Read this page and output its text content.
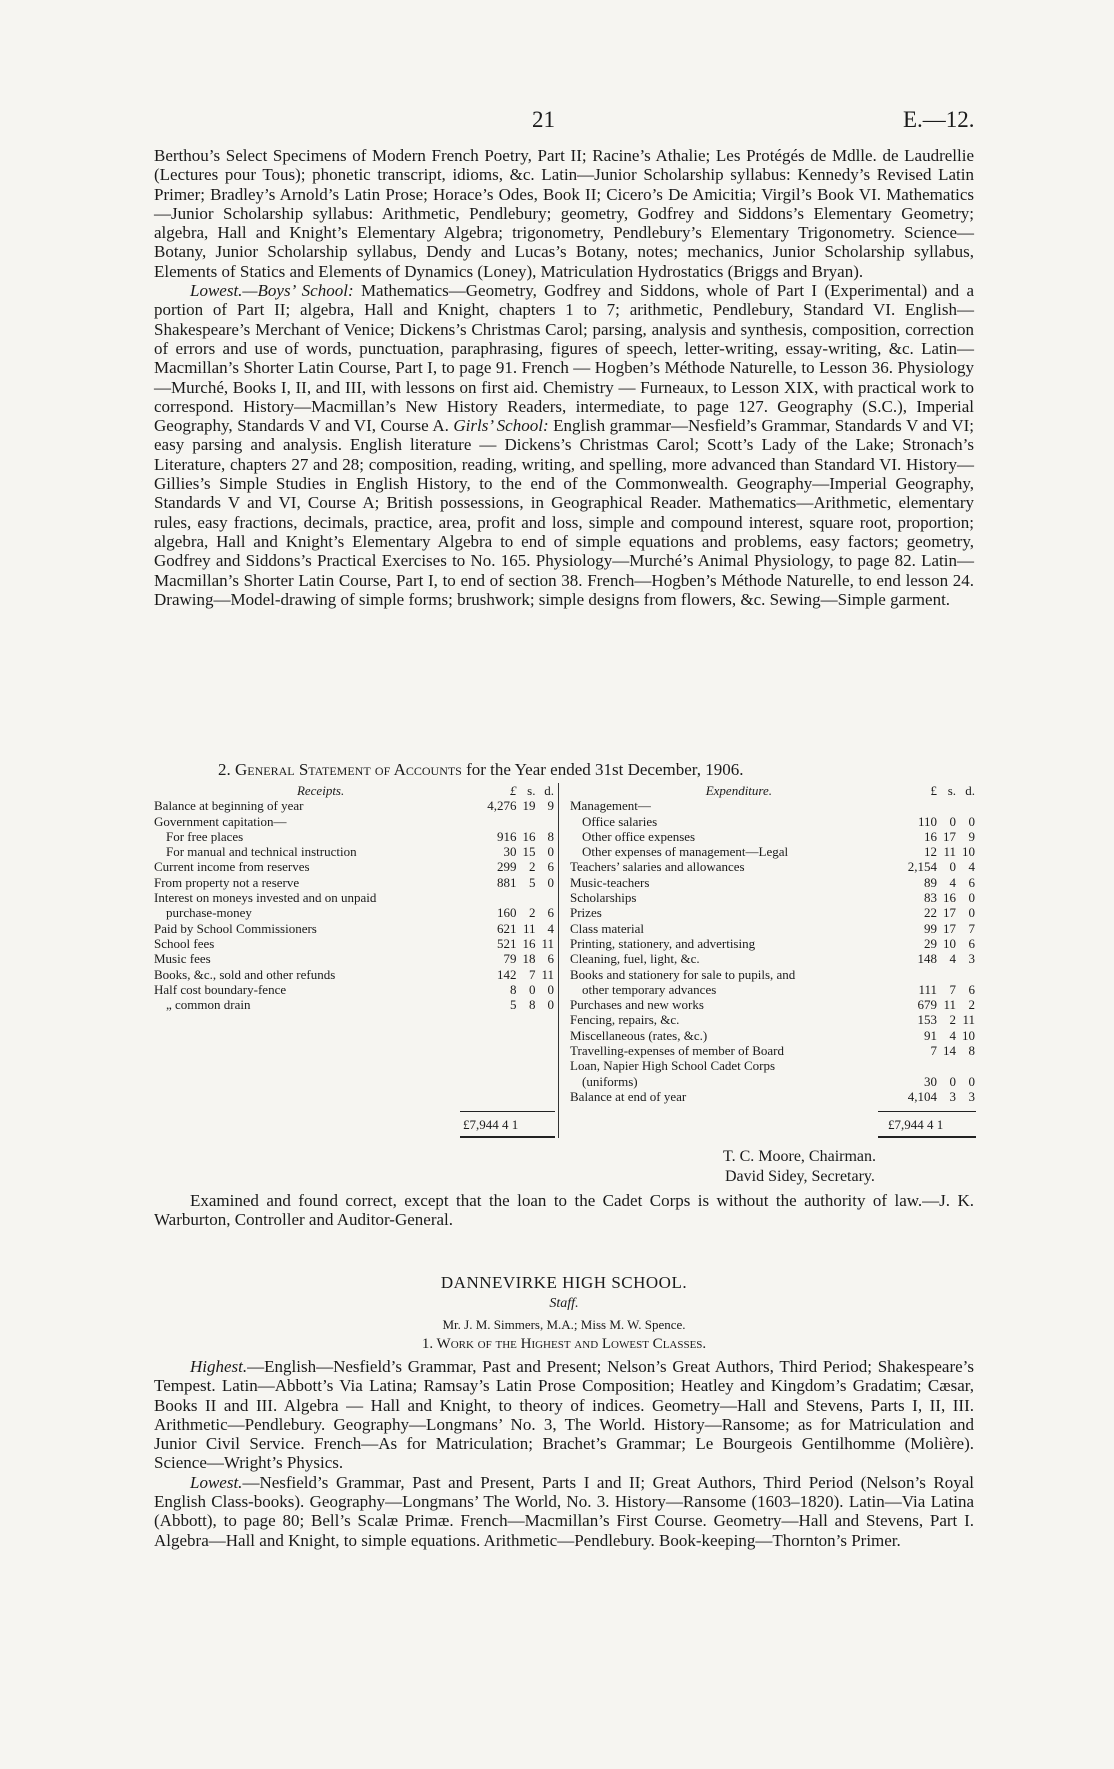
21	E.—12.

Berthou’s Select Specimens of Modern French Poetry, Part II; Racine’s Athalie; Les Protégés de Mdlle. de Laudrellie (Lectures pour Tous); phonetic transcript, idioms, &c. Latin—Junior Scholarship syllabus: Kennedy’s Revised Latin Primer; Bradley’s Arnold’s Latin Prose; Horace’s Odes, Book II; Cicero’s De Amicitia; Virgil’s Book VI. Mathematics—Junior Scholarship syllabus: Arithmetic, Pendlebury; geometry, Godfrey and Siddons’s Elementary Geometry; algebra, Hall and Knight’s Elementary Algebra; trigonometry, Pendlebury’s Elementary Trigonometry. Science—Botany, Junior Scholarship syllabus, Dendy and Lucas’s Botany, notes; mechanics, Junior Scholarship syllabus, Elements of Statics and Elements of Dynamics (Loney), Matriculation Hydrostatics (Briggs and Bryan).

Lowest.—Boys’ School: Mathematics—Geometry, Godfrey and Siddons, whole of Part I (Experimental) and a portion of Part II; algebra, Hall and Knight, chapters 1 to 7; arithmetic, Pendlebury, Standard VI. English—Shakespeare’s Merchant of Venice; Dickens’s Christmas Carol; parsing, analysis and synthesis, composition, correction of errors and use of words, punctuation, paraphrasing, figures of speech, letter-writing, essay-writing, &c. Latin—Macmillan’s Shorter Latin Course, Part I, to page 91. French — Hogben’s Méthode Naturelle, to Lesson 36. Physiology—Murché, Books I, II, and III, with lessons on first aid. Chemistry — Furneaux, to Lesson XIX, with practical work to correspond. History—Macmillan’s New History Readers, intermediate, to page 127. Geography (S.C.), Imperial Geography, Standards V and VI, Course A. Girls’ School: English grammar—Nesfield’s Grammar, Standards V and VI; easy parsing and analysis. English literature — Dickens’s Christmas Carol; Scott’s Lady of the Lake; Stronach’s Literature, chapters 27 and 28; composition, reading, writing, and spelling, more advanced than Standard VI. History—Gillies’s Simple Studies in English History, to the end of the Commonwealth. Geography—Imperial Geography, Standards V and VI, Course A; British possessions, in Geographical Reader. Mathematics—Arithmetic, elementary rules, easy fractions, decimals, practice, area, profit and loss, simple and compound interest, square root, proportion; algebra, Hall and Knight’s Elementary Algebra to end of simple equations and problems, easy factors; geometry, Godfrey and Siddons’s Practical Exercises to No. 165. Physiology—Murché’s Animal Physiology, to page 82. Latin—Macmillan’s Shorter Latin Course, Part I, to end of section 38. French—Hogben’s Méthode Naturelle, to end lesson 24. Drawing—Model-drawing of simple forms; brushwork; simple designs from flowers, &c. Sewing—Simple garment.

2. General Statement of Accounts for the Year ended 31st December, 1906.
Receipts.	£	s.	d.
Balance at beginning of year	4,276	19	9
Government capitation—			
For free places	916	16	8
For manual and technical instruction	30	15	0
Current income from reserves	299	2	6
From property not a reserve	881	5	0
Interest on moneys invested and on unpaid			
purchase-money	160	2	6
Paid by School Commissioners	621	11	4
School fees	521	16	11
Music fees	79	18	6
Books, &c., sold and other refunds	142	7	11
Half cost boundary-fence	8	0	0
„ common drain	5	8	0
Expenditure.	£	s.	d.
Management—			
Office salaries	110	0	0
Other office expenses	16	17	9
Other expenses of management—Legal	12	11	10
Teachers’ salaries and allowances	2,154	0	4
Music-teachers	89	4	6
Scholarships	83	16	0
Prizes	22	17	0
Class material	99	17	7
Printing, stationery, and advertising	29	10	6
Cleaning, fuel, light, &c.	148	4	3
Books and stationery for sale to pupils, and			
other temporary advances	111	7	6
Purchases and new works	679	11	2
Fencing, repairs, &c.	153	2	11
Miscellaneous (rates, &c.)	91	4	10
Travelling-expenses of member of Board	7	14	8
Loan, Napier High School Cadet Corps			
(uniforms)	30	0	0
Balance at end of year	4,104	3	3
£7,944 4 1	£7,944 4 1
T. C. Moore, Chairman.
David Sidey, Secretary.

Examined and found correct, except that the loan to the Cadet Corps is without the authority of law.—J. K. Warburton, Controller and Auditor-General.

DANNEVIRKE HIGH SCHOOL.
Staff.
Mr. J. M. Simmers, M.A.; Miss M. W. Spence.
1. Work of the Highest and Lowest Classes.

Highest.—English—Nesfield’s Grammar, Past and Present; Nelson’s Great Authors, Third Period; Shakespeare’s Tempest. Latin—Abbott’s Via Latina; Ramsay’s Latin Prose Composition; Heatley and Kingdom’s Gradatim; Cæsar, Books II and III. Algebra — Hall and Knight, to theory of indices. Geometry—Hall and Stevens, Parts I, II, III. Arithmetic—Pendlebury. Geography—Longmans’ No. 3, The World. History—Ransome; as for Matriculation and Junior Civil Service. French—As for Matriculation; Brachet’s Grammar; Le Bourgeois Gentilhomme (Molière). Science—Wright’s Physics.

Lowest.—Nesfield’s Grammar, Past and Present, Parts I and II; Great Authors, Third Period (Nelson’s Royal English Class-books). Geography—Longmans’ The World, No. 3. History—Ransome (1603–1820). Latin—Via Latina (Abbott), to page 80; Bell’s Scalæ Primæ. French—Macmillan’s First Course. Geometry—Hall and Stevens, Part I. Algebra—Hall and Knight, to simple equations. Arithmetic—Pendlebury. Book-keeping—Thornton’s Primer.
